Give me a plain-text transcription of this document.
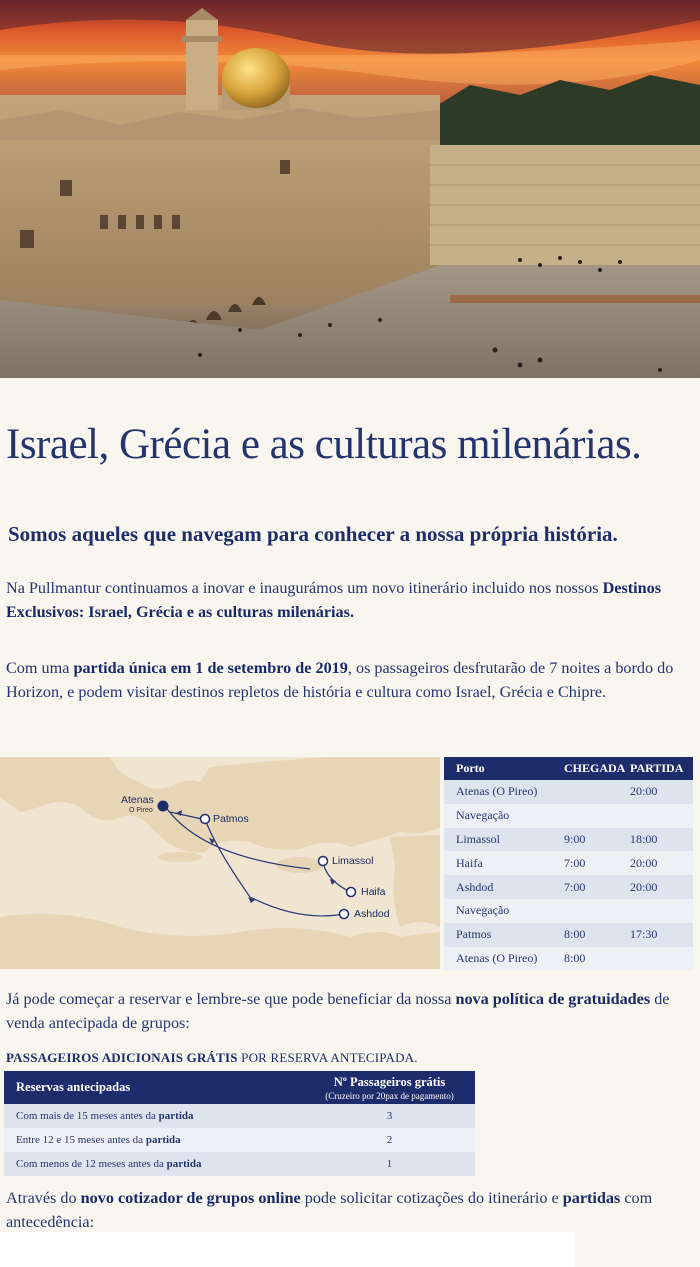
Israel, Grécia e as culturas milenárias.
Somos aqueles que navegam para conhecer a nossa própria história.
Na Pullmantur continuamos a inovar e inaugurámos um novo itinerário incluido nos nossos Destinos Exclusivos: Israel, Grécia e as culturas milenárias.
Com uma partida única em 1 de setembro de 2019, os passageiros desfrutarão de 7 noites a bordo do Horizon, e podem visitar destinos repletos de história e cultura como Israel, Grécia e Chipre.
Atenas
O Pireo
Patmos
Limassol
Haifa
Ashdod
Porto	CHEGADA	PARTIDA
Atenas (O Pireo)		20:00
Navegação		
Limassol	9:00	18:00
Haifa	7:00	20:00
Ashdod	7:00	20:00
Navegação		
Patmos	8:00	17:30
Atenas (O Pireo)	8:00	
Já pode começar a reservar e lembre-se que pode beneficiar da nossa nova política de gratuidades de venda antecipada de grupos:
PASSAGEIROS ADICIONAIS GRÁTIS POR RESERVA ANTECIPADA.
Reservas antecipadas	Nº Passageiros grátis
(Cruzeiro por 20pax de pagamento)

Com mais de 15 meses antes da partida	3
Entre 12 e 15 meses antes da partida	2
Com menos de 12 meses antes da partida	1
Através do novo cotizador de grupos online pode solicitar cotizações do itinerário e partidas com antecedência:
